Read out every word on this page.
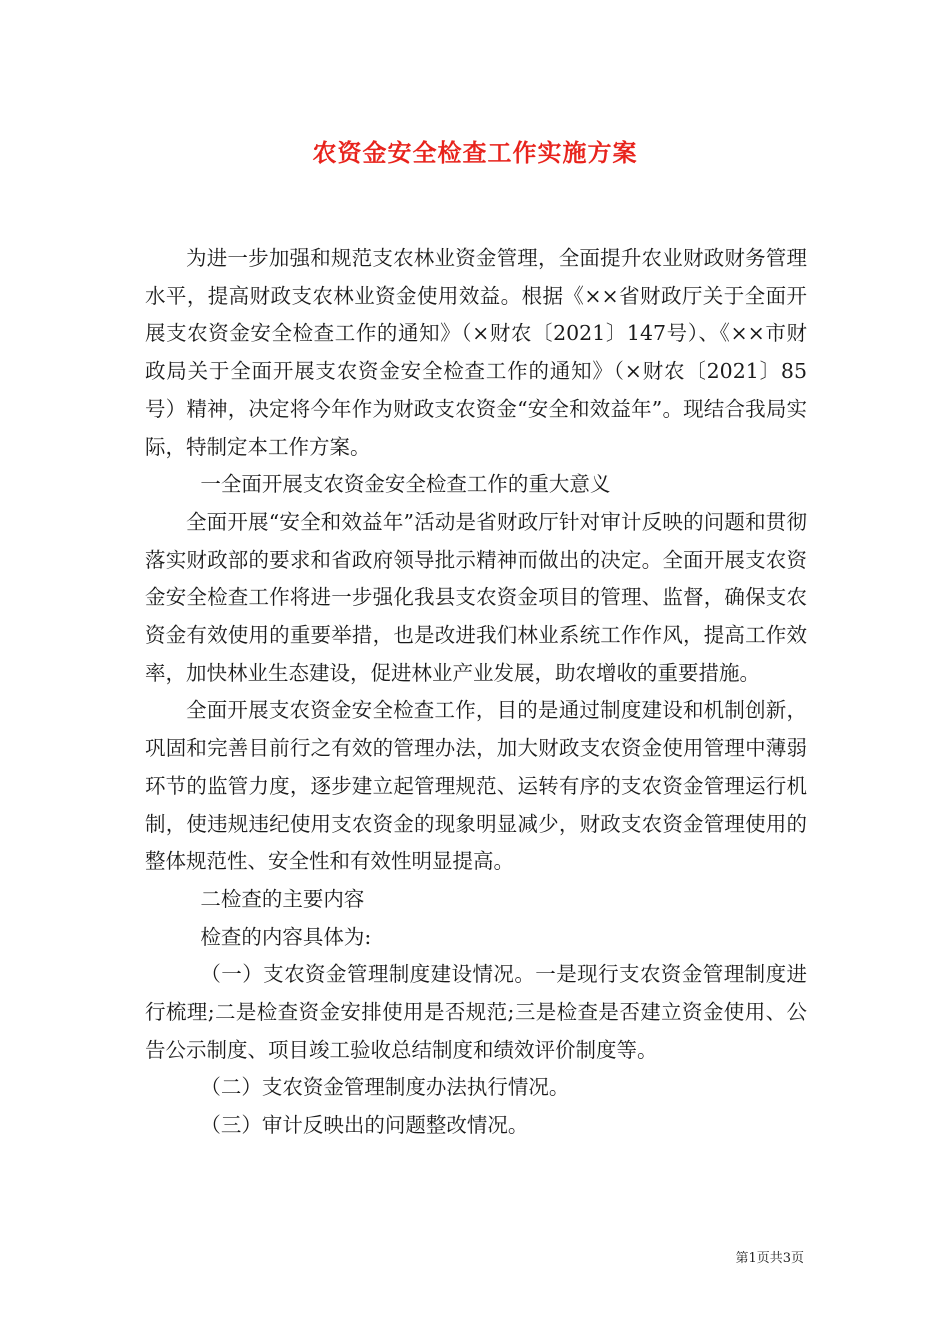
农资金安全检查工作实施方案

为进一步加强和规范支农林业资金管理，全面提升农业财政财务管理水平，提高财政支农林业资金使用效益。根据《××省财政厅关于全面开展支农资金安全检查工作的通知》（×财农〔2021〕147号）、《××市财政局关于全面开展支农资金安全检查工作的通知》（×财农〔2021〕85号）精神，决定将今年作为财政支农资金“安全和效益年”。现结合我局实际，特制定本工作方案。

一全面开展支农资金安全检查工作的重大意义

全面开展“安全和效益年”活动是省财政厅针对审计反映的问题和贯彻落实财政部的要求和省政府领导批示精神而做出的决定。全面开展支农资金安全检查工作将进一步强化我县支农资金项目的管理、监督，确保支农资金有效使用的重要举措，也是改进我们林业系统工作作风，提高工作效率，加快林业生态建设，促进林业产业发展，助农增收的重要措施。

全面开展支农资金安全检查工作，目的是通过制度建设和机制创新，巩固和完善目前行之有效的管理办法，加大财政支农资金使用管理中薄弱环节的监管力度，逐步建立起管理规范、运转有序的支农资金管理运行机制，使违规违纪使用支农资金的现象明显减少，财政支农资金管理使用的整体规范性、安全性和有效性明显提高。

二检查的主要内容

检查的内容具体为:

（一）支农资金管理制度建设情况。一是现行支农资金管理制度进行梳理;二是检查资金安排使用是否规范;三是检查是否建立资金使用、公告公示制度、项目竣工验收总结制度和绩效评价制度等。

（二）支农资金管理制度办法执行情况。

（三）审计反映出的问题整改情况。

第1页共3页
